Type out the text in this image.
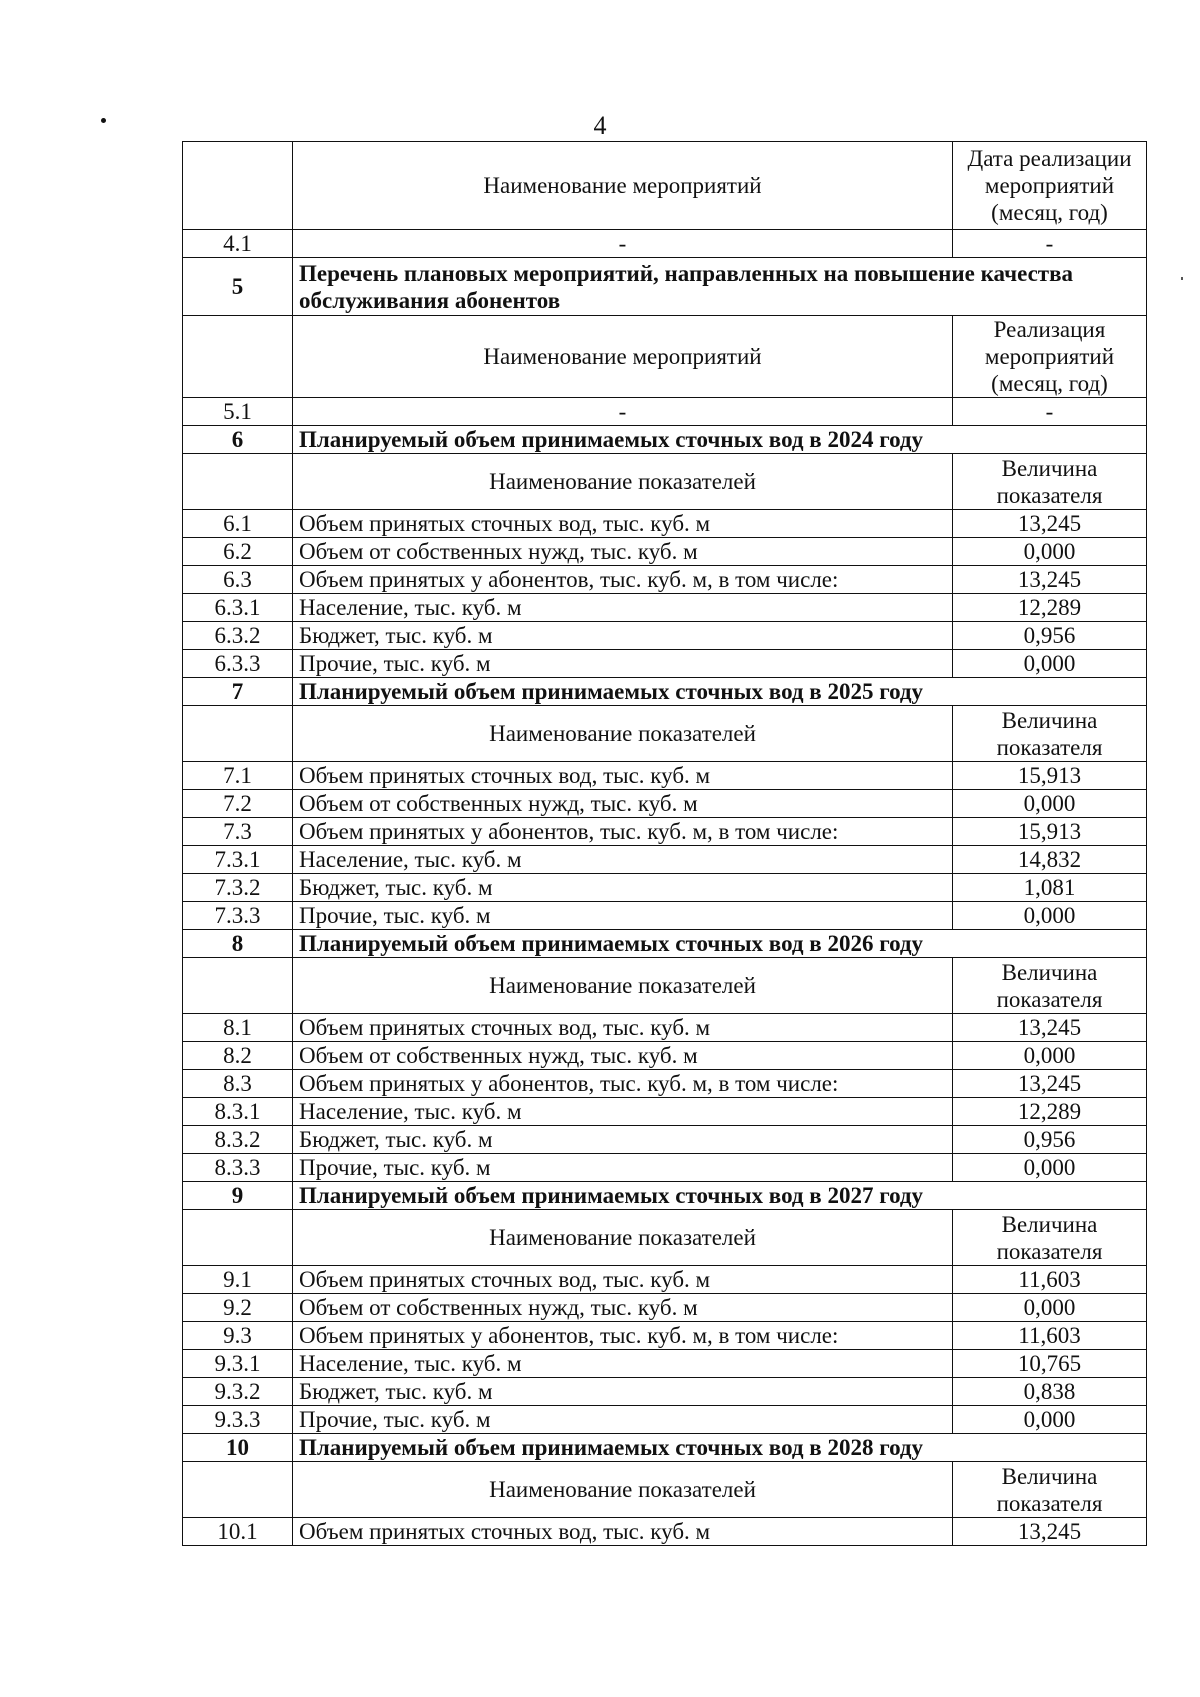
4
	Наименование мероприятий	Дата реализации мероприятий (месяц, год)
4.1	-	-
5	Перечень плановых мероприятий, направленных на повышение качества обслуживания абонентов	
	Наименование мероприятий	Реализация мероприятий (месяц, год)
5.1	-	-
6	Планируемый объем принимаемых сточных вод в 2024 году	
	Наименование показателей	Величина показателя
6.1	Объем принятых сточных вод, тыс. куб. м	13,245
6.2	Объем от собственных нужд, тыс. куб. м	0,000
6.3	Объем принятых у абонентов, тыс. куб. м, в том числе:	13,245
6.3.1	Население, тыс. куб. м	12,289
6.3.2	Бюджет, тыс. куб. м	0,956
6.3.3	Прочие, тыс. куб. м	0,000
7	Планируемый объем принимаемых сточных вод в 2025 году	
	Наименование показателей	Величина показателя
7.1	Объем принятых сточных вод, тыс. куб. м	15,913
7.2	Объем от собственных нужд, тыс. куб. м	0,000
7.3	Объем принятых у абонентов, тыс. куб. м, в том числе:	15,913
7.3.1	Население, тыс. куб. м	14,832
7.3.2	Бюджет, тыс. куб. м	1,081
7.3.3	Прочие, тыс. куб. м	0,000
8	Планируемый объем принимаемых сточных вод в 2026 году	
	Наименование показателей	Величина показателя
8.1	Объем принятых сточных вод, тыс. куб. м	13,245
8.2	Объем от собственных нужд, тыс. куб. м	0,000
8.3	Объем принятых у абонентов, тыс. куб. м, в том числе:	13,245
8.3.1	Население, тыс. куб. м	12,289
8.3.2	Бюджет, тыс. куб. м	0,956
8.3.3	Прочие, тыс. куб. м	0,000
9	Планируемый объем принимаемых сточных вод в 2027 году	
	Наименование показателей	Величина показателя
9.1	Объем принятых сточных вод, тыс. куб. м	11,603
9.2	Объем от собственных нужд, тыс. куб. м	0,000
9.3	Объем принятых у абонентов, тыс. куб. м, в том числе:	11,603
9.3.1	Население, тыс. куб. м	10,765
9.3.2	Бюджет, тыс. куб. м	0,838
9.3.3	Прочие, тыс. куб. м	0,000
10	Планируемый объем принимаемых сточных вод в 2028 году	
	Наименование показателей	Величина показателя
10.1	Объем принятых сточных вод, тыс. куб. м	13,245
